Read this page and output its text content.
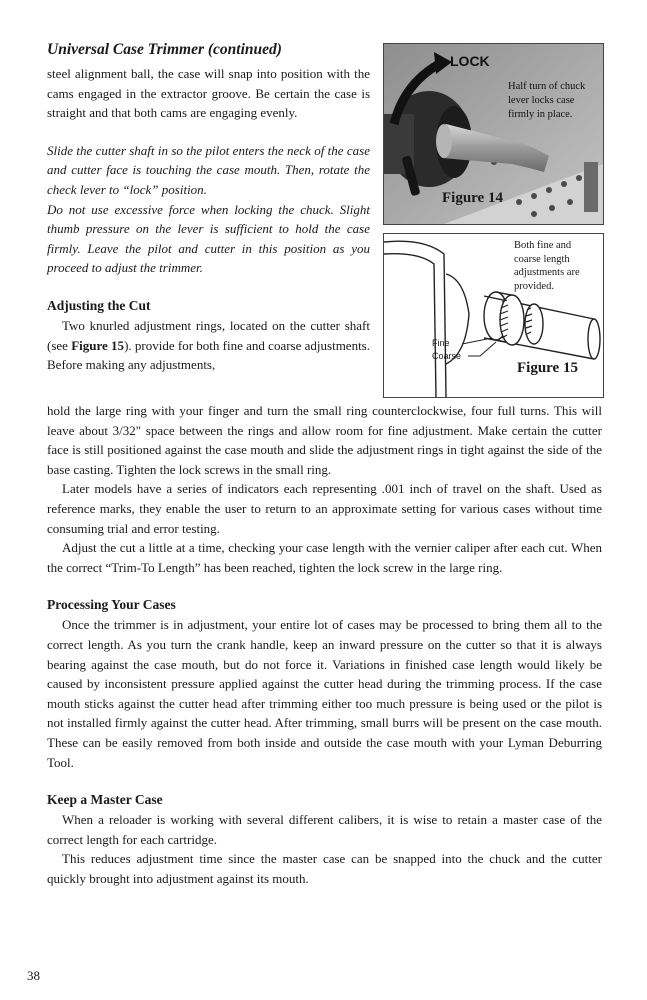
Universal Case Trimmer (continued)

steel alignment ball, the case will snap into position with the cams engaged in the extractor groove. Be certain the case is straight and that both cams are engaging evenly.

Slide the cutter shaft in so the pilot enters the neck of the case and cutter face is touching the case mouth. Then, rotate the check lever to “lock” position.

Do not use excessive force when locking the chuck. Slight thumb pressure on the lever is sufficient to hold the case firmly. Leave the pilot and cutter in this position as you proceed to adjust the trimmer.

Adjusting the Cut

Two knurled adjustment rings, located on the cutter shaft (see Figure 15). provide for both fine and coarse adjustments. Before making any adjustments,

hold the large ring with your finger and turn the small ring counterclockwise, four full turns. This will leave about 3/32" space between the rings and allow room for fine adjustment. Make certain the cutter face is still positioned against the case mouth and slide the adjustment rings in tight against the side of the base casting. Tighten the lock screws in the small ring.

Later models have a series of indicators each representing .001 inch of travel on the shaft. Used as reference marks, they enable the user to return to an approximate setting for various cases without time consuming trial and error testing.

Adjust the cut a little at a time, checking your case length with the vernier caliper after each cut. When the correct “Trim-To Length” has been reached, tighten the lock screw in the large ring.

Processing Your Cases

Once the trimmer is in adjustment, your entire lot of cases may be processed to bring them all to the correct length. As you turn the crank handle, keep an inward pressure on the cutter so that it is always bearing against the case mouth, but do not force it. Variations in finished case length would likely be caused by inconsistent pressure applied against the cutter head during the trimming process. If the case mouth sticks against the cutter head after trimming either too much pressure is being used or the pilot is not installed firmly against the cutter head. After trimming, small burrs will be present on the case mouth. These can be easily removed from both inside and outside the case mouth with your Lyman Deburring Tool.

Keep a Master Case

When a reloader is working with several different calibers, it is wise to retain a master case of the correct length for each cartridge.

This reduces adjustment time since the master case can be snapped into the chuck and the cutter quickly brought into adjustment against its mouth.

LOCK
Half turn of chuck lever locks case firmly in place.
Figure 14
Both fine and coarse length adjustments are provided.
Fine
Coarse
Figure 15
38
